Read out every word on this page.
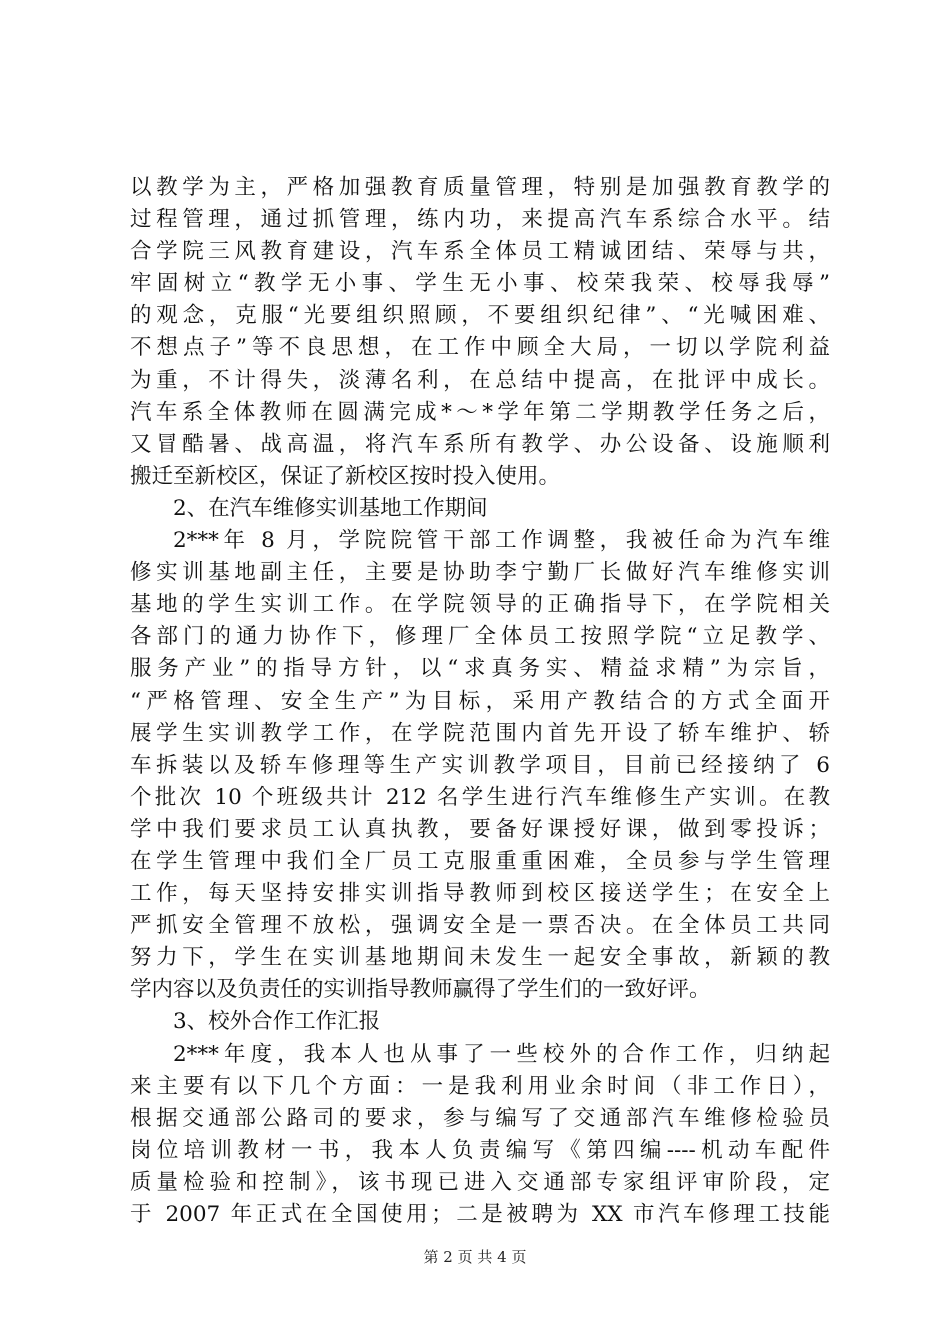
以教学为主，严格加强教育质量管理，特别是加强教育教学的
过程管理，通过抓管理，练内功，来提高汽车系综合水平。结
合学院三风教育建设，汽车系全体员工精诚团结、荣辱与共，
牢固树立“教学无小事、学生无小事、校荣我荣、校辱我辱”
的观念，克服“光要组织照顾，不要组织纪律”、“光喊困难、
不想点子”等不良思想，在工作中顾全大局，一切以学院利益
为重，不计得失，淡薄名利，在总结中提高，在批评中成长。
汽车系全体教师在圆满完成*～*学年第二学期教学任务之后，
又冒酷暑、战高温，将汽车系所有教学、办公设备、设施顺利
搬迁至新校区，保证了新校区按时投入使用。
2、在汽车维修实训基地工作期间
2***年 8 月，学院院管干部工作调整，我被任命为汽车维
修实训基地副主任，主要是协助李宁勤厂长做好汽车维修实训
基地的学生实训工作。在学院领导的正确指导下，在学院相关
各部门的通力协作下，修理厂全体员工按照学院“立足教学、
服务产业”的指导方针，以“求真务实、精益求精”为宗旨，
“严格管理、安全生产”为目标，采用产教结合的方式全面开
展学生实训教学工作，在学院范围内首先开设了轿车维护、轿
车拆装以及轿车修理等生产实训教学项目，目前已经接纳了 6
个批次 10 个班级共计 212 名学生进行汽车维修生产实训。在教
学中我们要求员工认真执教，要备好课授好课，做到零投诉；
在学生管理中我们全厂员工克服重重困难，全员参与学生管理
工作，每天坚持安排实训指导教师到校区接送学生；在安全上
严抓安全管理不放松，强调安全是一票否决。在全体员工共同
努力下，学生在实训基地期间未发生一起安全事故，新颖的教
学内容以及负责任的实训指导教师赢得了学生们的一致好评。
3、校外合作工作汇报
2***年度，我本人也从事了一些校外的合作工作，归纳起
来主要有以下几个方面：一是我利用业余时间（非工作日），
根据交通部公路司的要求，参与编写了交通部汽车维修检验员
岗位培训教材一书，我本人负责编写《第四编----机动车配件
质量检验和控制》，该书现已进入交通部专家组评审阶段，定
于 2007 年正式在全国使用；二是被聘为 XX 市汽车修理工技能
第 2 页 共 4 页
